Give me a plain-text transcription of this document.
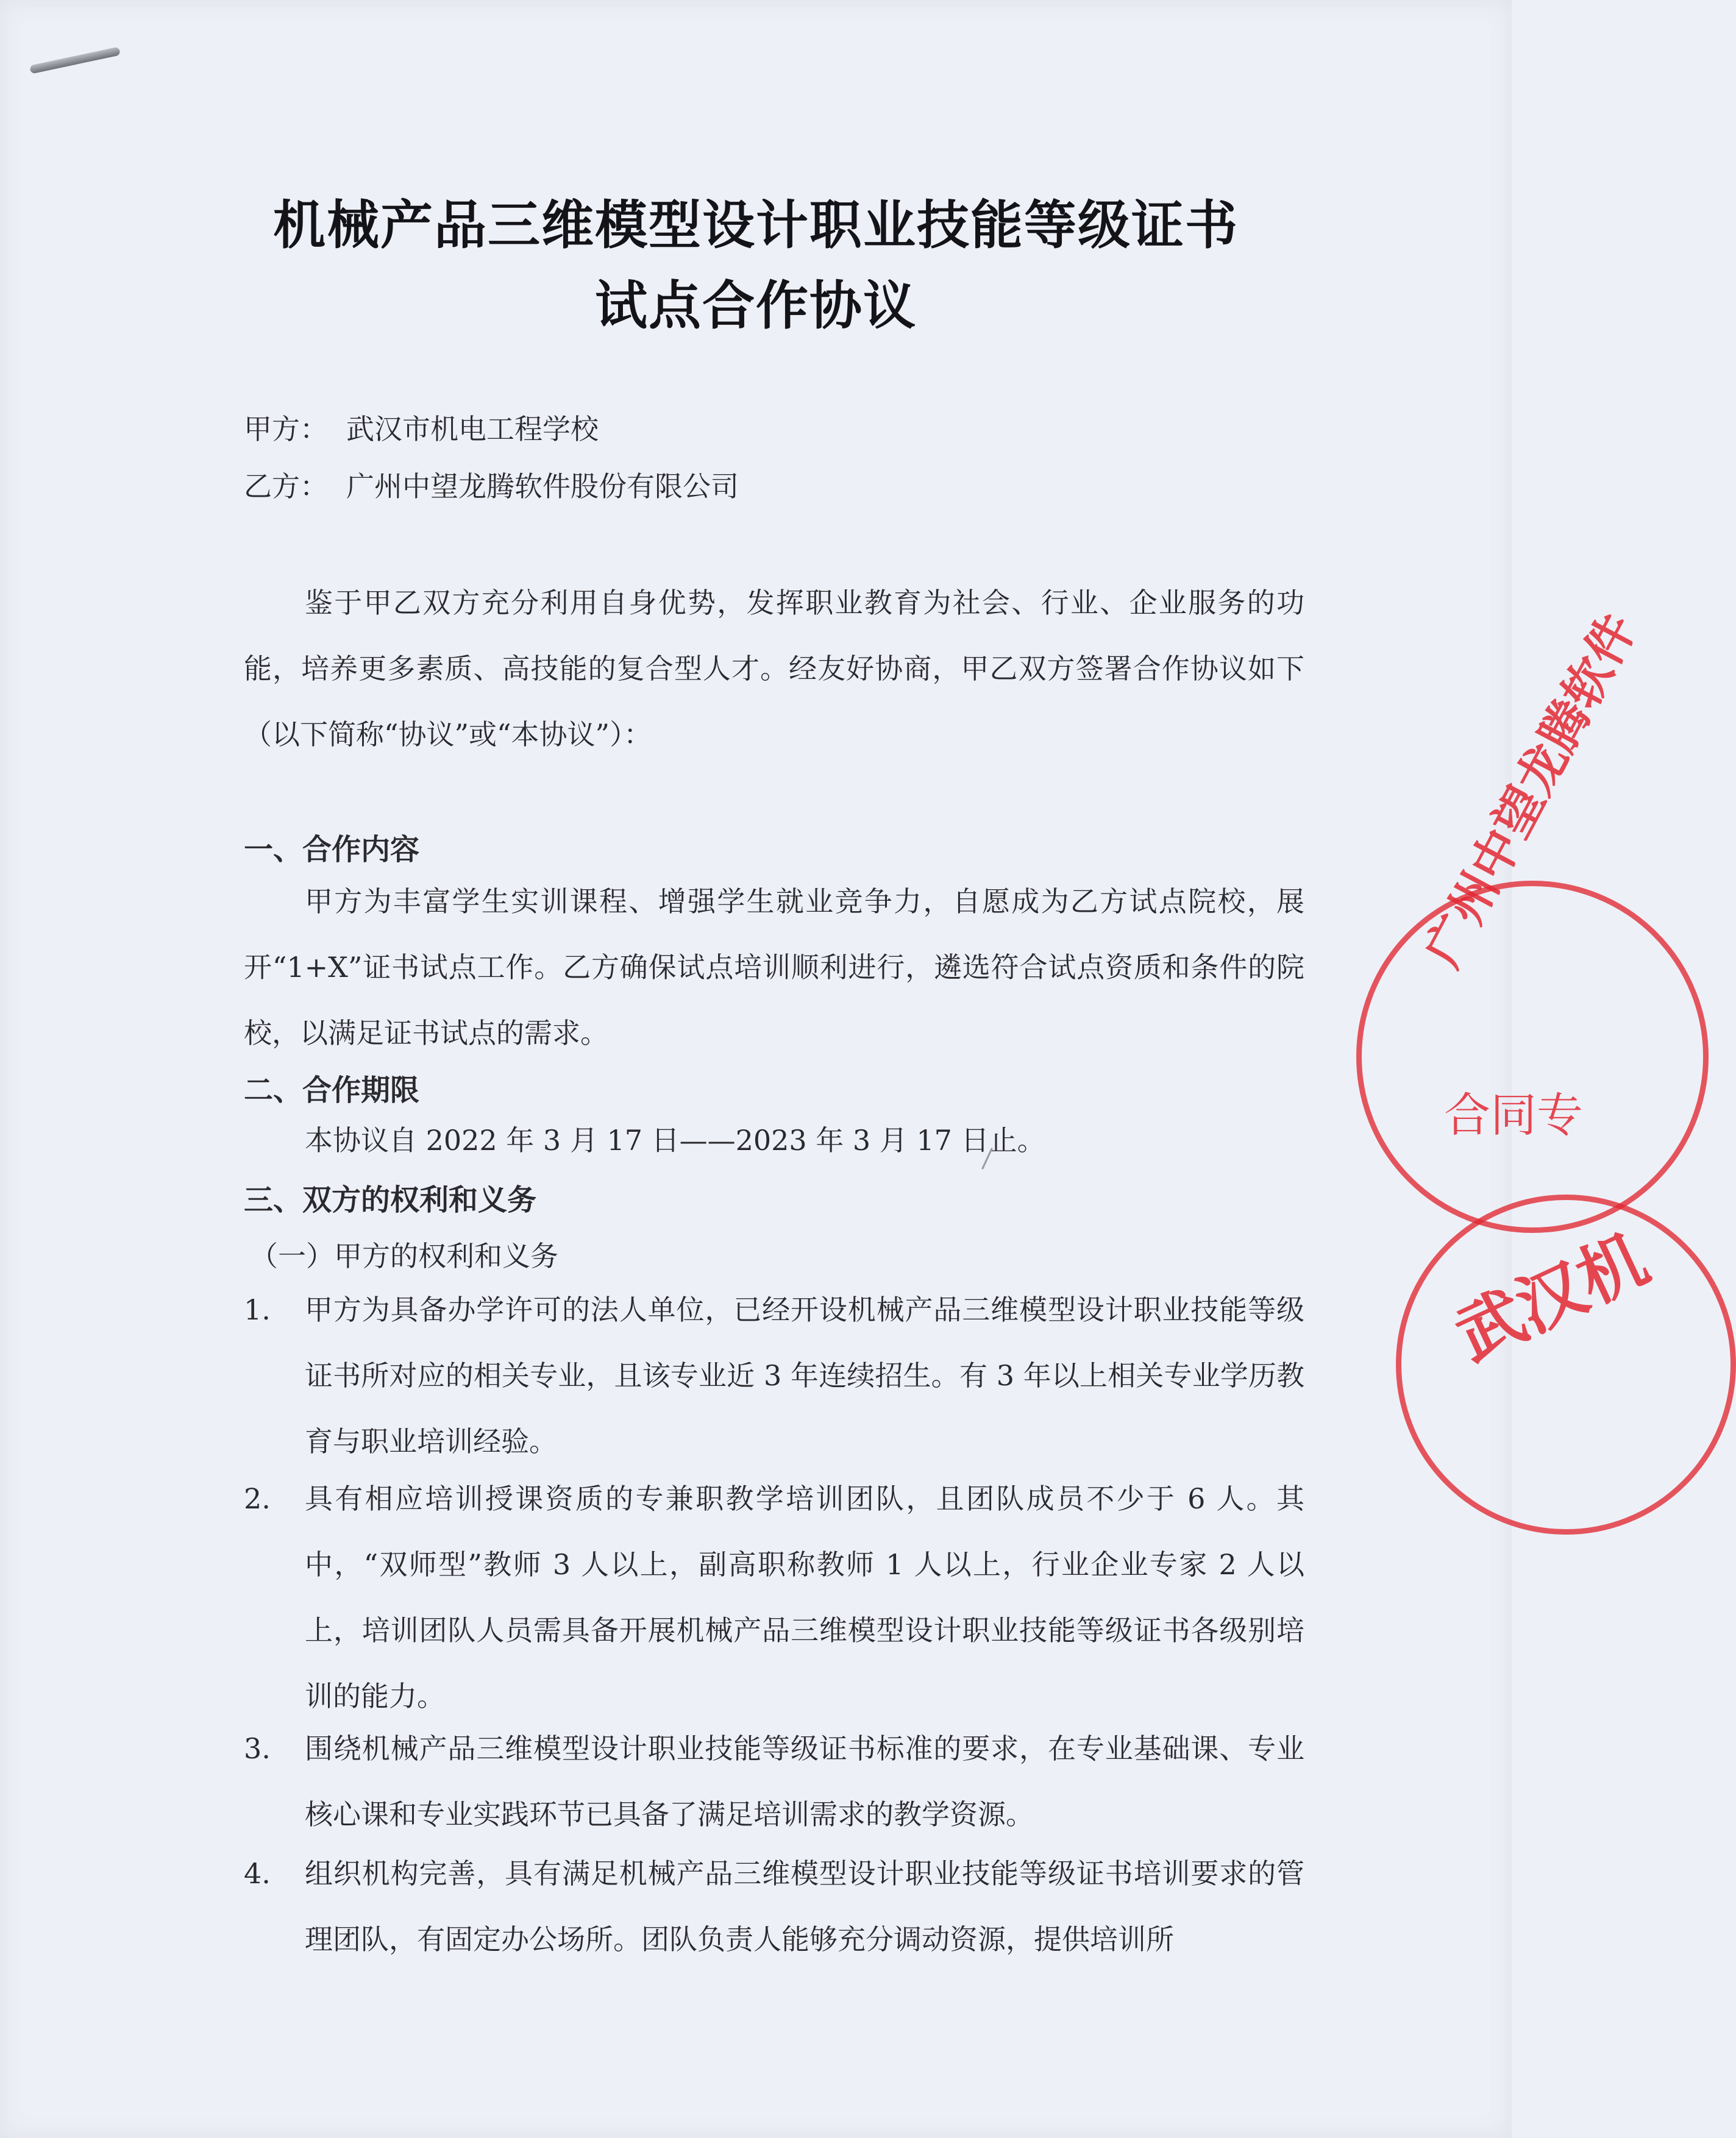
机械产品三维模型设计职业技能等级证书
试点合作协议
甲方： 武汉市机电工程学校
乙方： 广州中望龙腾软件股份有限公司
鉴于甲乙双方充分利用自身优势，发挥职业教育为社会、行业、企业服务的功能，培养更多素质、高技能的复合型人才。经友好协商，甲乙双方签署合作协议如下（以下简称“协议”或“本协议”）：
一、合作内容
甲方为丰富学生实训课程、增强学生就业竞争力，自愿成为乙方试点院校，展开“1+X”证书试点工作。乙方确保试点培训顺利进行，遴选符合试点资质和条件的院校，以满足证书试点的需求。
二、合作期限
本协议自 2022 年 3 月 17 日——2023 年 3 月 17 日止。
三、双方的权利和义务
（一）甲方的权利和义务
1.	甲方为具备办学许可的法人单位，已经开设机械产品三维模型设计职业技能等级证书所对应的相关专业，且该专业近 3 年连续招生。有 3 年以上相关专业学历教育与职业培训经验。
2.	具有相应培训授课资质的专兼职教学培训团队，且团队成员不少于 6 人。其中，“双师型”教师 3 人以上，副高职称教师 1 人以上，行业企业专家 2 人以上，培训团队人员需具备开展机械产品三维模型设计职业技能等级证书各级别培训的能力。
3.	围绕机械产品三维模型设计职业技能等级证书标准的要求，在专业基础课、专业核心课和专业实践环节已具备了满足培训需求的教学资源。
4.	组织机构完善，具有满足机械产品三维模型设计职业技能等级证书培训要求的管理团队，有固定办公场所。团队负责人能够充分调动资源，提供培训所
广州中望龙腾软件
合同专
武汉机
